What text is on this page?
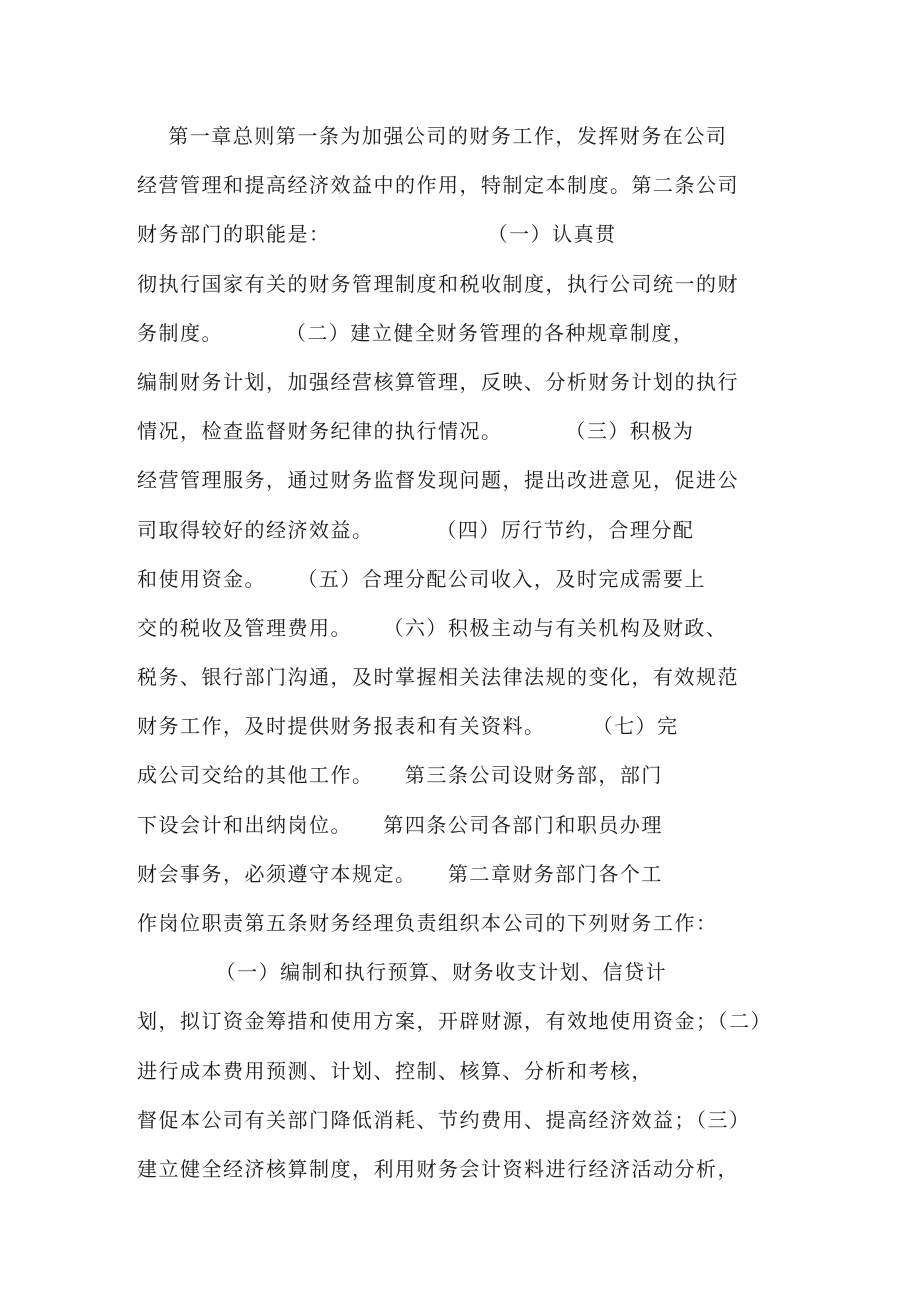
第一章总则第一条为加强公司的财务工作，发挥财务在公司
经营管理和提高经济效益中的作用，特制定本制度。第二条公司
财务部门的职能是：                    （一）认真贯
彻执行国家有关的财务管理制度和税收制度，执行公司统一的财
务制度。        （二）建立健全财务管理的各种规章制度，
编制财务计划，加强经营核算管理，反映、分析财务计划的执行
情况，检查监督财务纪律的执行情况。        （三）积极为
经营管理服务，通过财务监督发现问题，提出改进意见，促进公
司取得较好的经济效益。        （四）厉行节约，合理分配
和使用资金。    （五）合理分配公司收入，及时完成需要上
交的税收及管理费用。    （六）积极主动与有关机构及财政、
税务、银行部门沟通，及时掌握相关法律法规的变化，有效规范
财务工作，及时提供财务报表和有关资料。      （七）完
成公司交给的其他工作。    第三条公司设财务部，部门
下设会计和出纳岗位。    第四条公司各部门和职员办理
财会事务，必须遵守本规定。    第二章财务部门各个工
作岗位职责第五条财务经理负责组织本公司的下列财务工作：
（一）编制和执行预算、财务收支计划、信贷计
划，拟订资金筹措和使用方案，开辟财源，有效地使用资金；（二）
进行成本费用预测、计划、控制、核算、分析和考核，
督促本公司有关部门降低消耗、节约费用、提高经济效益；（三）
建立健全经济核算制度，利用财务会计资料进行经济活动分析，
